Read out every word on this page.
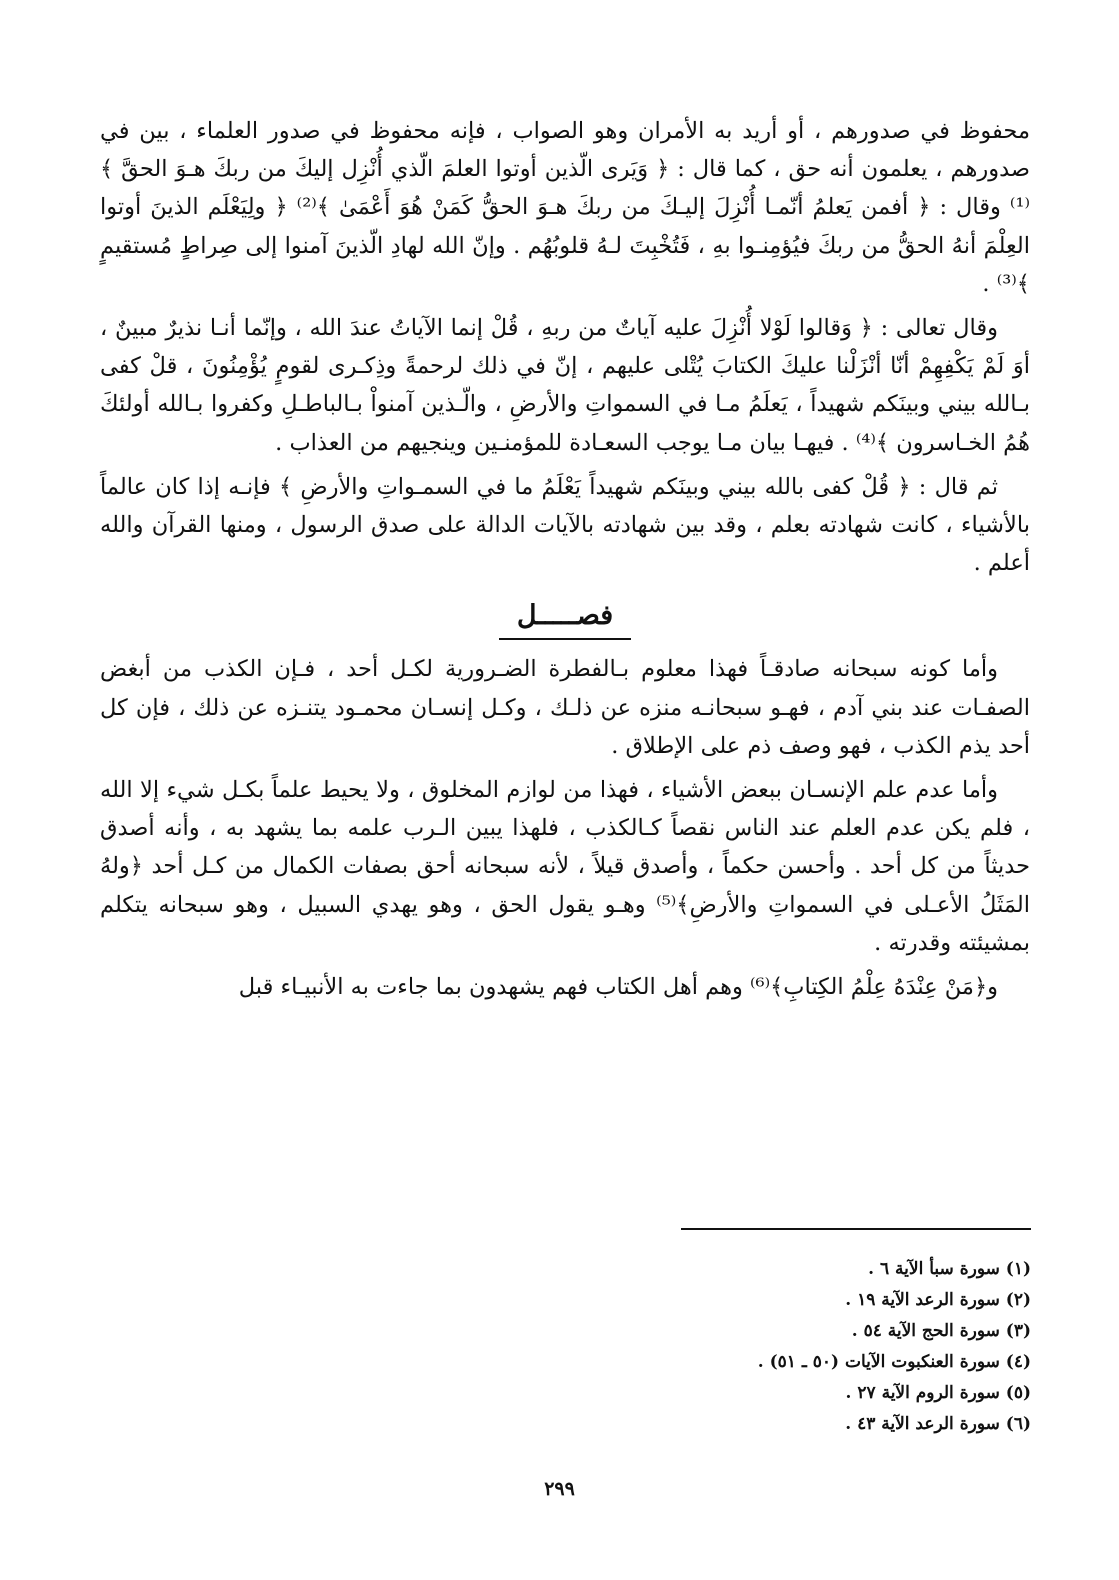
محفوظ في صدورهم ، أو أريد به الأمران وهو الصواب ، فإنه محفوظ في صدور العلماء ، بين في صدورهم ، يعلمون أنه حق ، كما قال : ﴿ وَيَرى الّذين أوتوا العلمَ الّذي أُنْزِل إليكَ من ربكَ هـوَ الحقَّ ﴾⁽¹⁾ وقال : ﴿ أفمن يَعلمُ أنّمـا أُنْزِلَ إليـكَ من ربكَ هـوَ الحقُّ كَمَنْ هُوَ أَعْمَىٰ ﴾⁽²⁾ ﴿ ولِيَعْلَم الذينَ أوتوا العِلْمَ أنهُ الحقُّ من ربكَ فيُؤمِنـوا بهِ ، فَتُخْبِتَ لـهُ قلوبُهُم . وإنّ الله لهادِ الّذينَ آمنوا إلى صِراطٍ مُستقيمٍ ﴾⁽³⁾ .

وقال تعالى : ﴿ وَقالوا لَوْلا أُنْزِلَ عليه آياتٌ من ربهِ ، قُلْ إنما الآياتُ عندَ الله ، وإنّما أنـا نذيرٌ مبينٌ ، أوَ لَمْ يَكْفِهِمْ أنّا أنْزَلْنا عليكَ الكتابَ يُتْلى عليهم ، إنّ في ذلك لرحمةً وذِكـرى لقومٍ يُؤْمِنُونَ ، قلْ كفى بـالله بيني وبينَكم شهيداً ، يَعلَمُ مـا في السمواتِ والأرضِ ، والّـذين آمنواْ بـالباطـلِ وكفروا بـالله أولئكَ هُمُ الخـاسرون ﴾⁽⁴⁾ . فيهـا بيان مـا يوجب السعـادة للمؤمنـين وينجيهم من العذاب .

ثم قال : ﴿ قُلْ كفى بالله بيني وبينَكم شهيداً يَعْلَمُ ما في السمـواتِ والأرضِ ﴾ فإنـه إذا كان عالماً بالأشياء ، كانت شهادته بعلم ، وقد بين شهادته بالآيات الدالة على صدق الرسول ، ومنها القرآن والله أعلم .

فصـــــل

وأما كونه سبحانه صادقـاً فهذا معلوم بـالفطرة الضـرورية لكـل أحد ، فـإن الكذب من أبغض الصفـات عند بني آدم ، فهـو سبحانـه منزه عن ذلـك ، وكـل إنسـان محمـود يتنـزه عن ذلك ، فإن كل أحد يذم الكذب ، فهو وصف ذم على الإطلاق .

وأما عدم علم الإنسـان ببعض الأشياء ، فهذا من لوازم المخلوق ، ولا يحيط علماً بكـل شيء إلا الله ، فلم يكن عدم العلم عند الناس نقصاً كـالكذب ، فلهذا يبين الـرب علمه بما يشهد به ، وأنه أصدق حديثاً من كل أحد . وأحسن حكماً ، وأصدق قيلاً ، لأنه سبحانه أحق بصفات الكمال من كـل أحد ﴿ولهُ المَثَلُ الأعـلى في السمواتِ والأرضِ﴾⁽⁵⁾ وهـو يقول الحق ، وهو يهدي السبيل ، وهو سبحانه يتكلم بمشيئته وقدرته .

و﴿مَنْ عِنْدَهُ عِلْمُ الكِتابِ﴾⁽⁶⁾ وهم أهل الكتاب فهم يشهدون بما جاءت به الأنبيـاء قبل

(١) سورة سبأ الآية ٦ .
(٢) سورة الرعد الآية ١٩ .
(٣) سورة الحج الآية ٥٤ .
(٤) سورة العنكبوت الآيات (٥٠ ـ ٥١) .
(٥) سورة الروم الآية ٢٧ .
(٦) سورة الرعد الآية ٤٣ .
٢٩٩
